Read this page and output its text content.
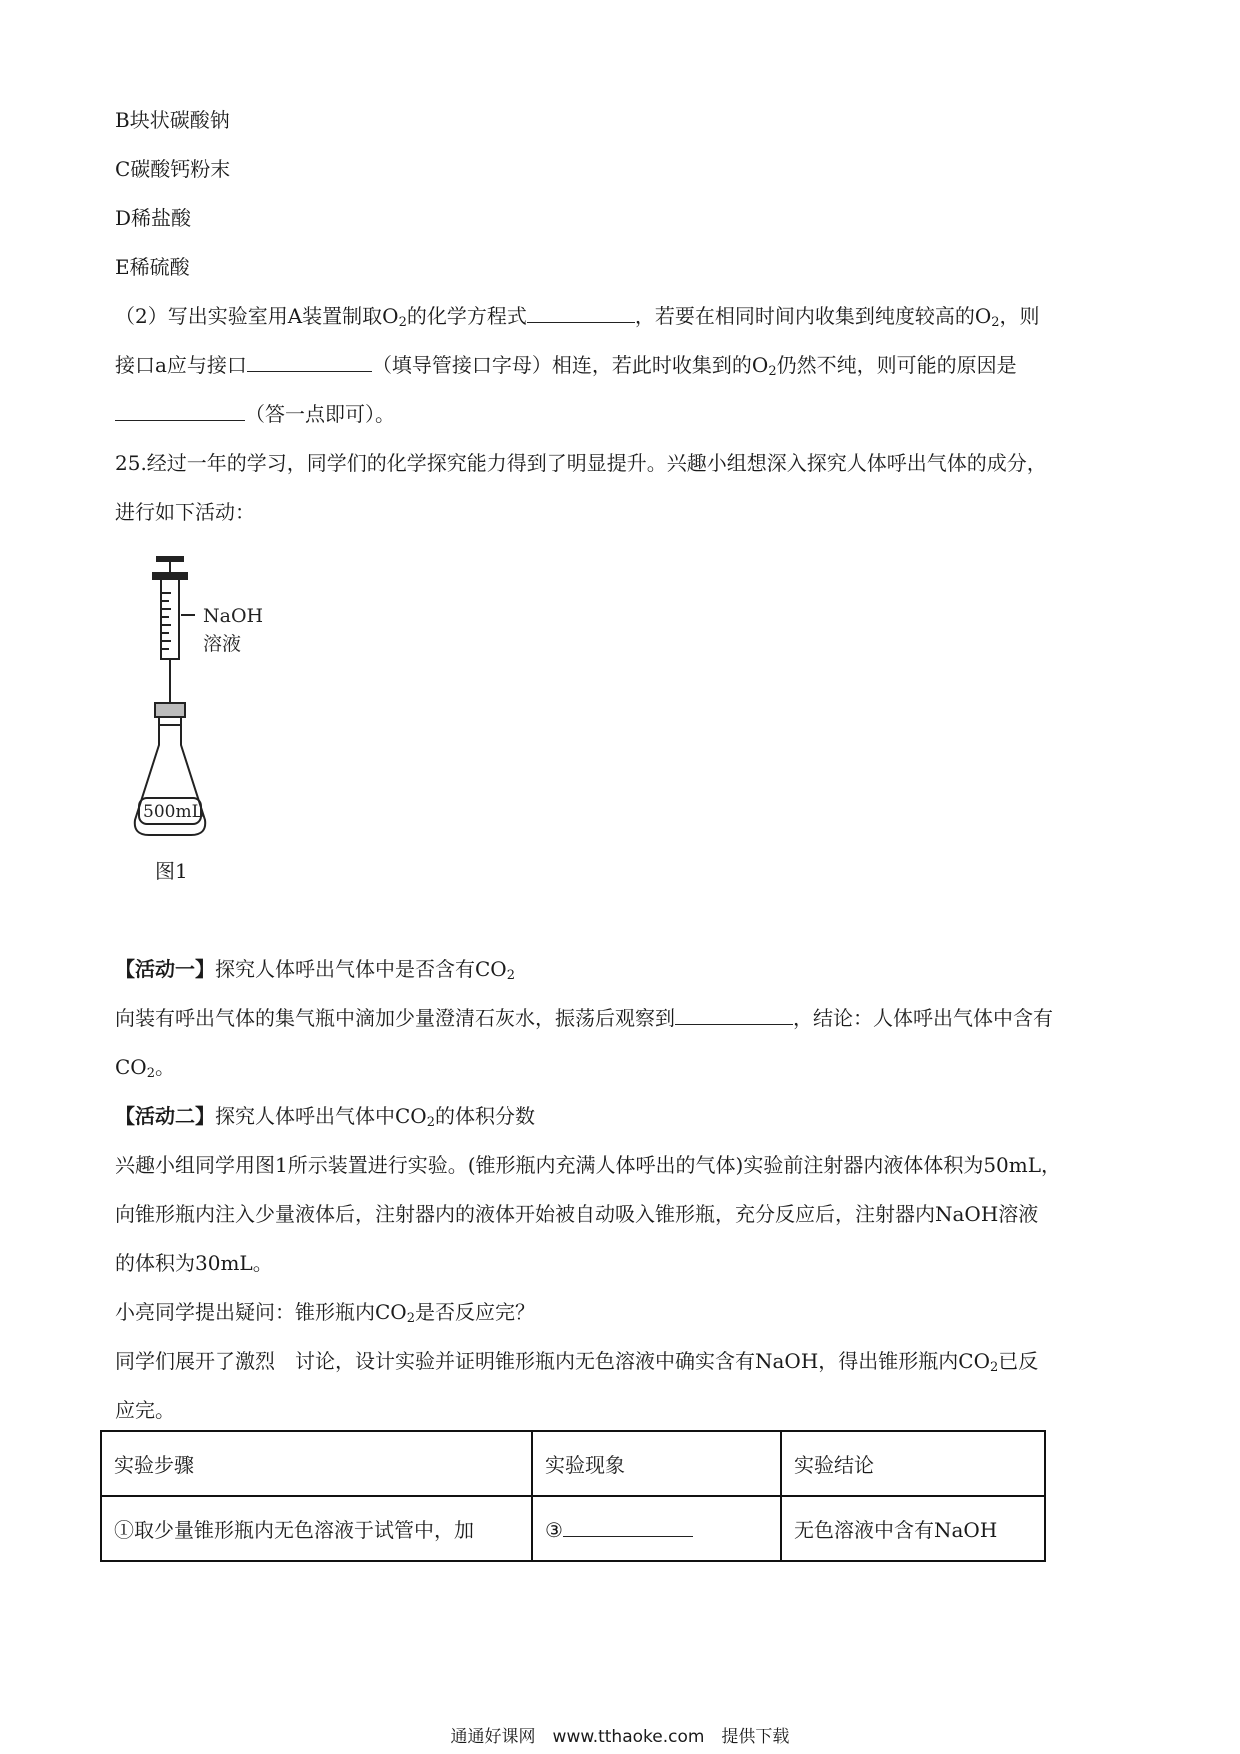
B块状碳酸钠
C碳酸钙粉末
D稀盐酸
E稀硫酸
（2）写出实验室用A装置制取$O_2$的化学方程式	，若要在相同时间内收集到纯度较高的$O_2$，则
接口a应与接口	（填导管接口字母）相连，若此时收集到的$O_2$仍然不纯，则可能的原因是
（答一点即可）。
25.经过一年的学习，同学们的化学探究能力得到了明显提升。兴趣小组想深入探究人体呼出气体的成分，
进行如下活动：
NaOH
溶液
500mL
图1
【活动一】探究人体呼出气体中是否含有$CO_2$
向装有呼出气体的集气瓶中滴加少量澄清石灰水，振荡后观察到	，结论：人体呼出气体中含有
$CO_2$。
【活动二】探究人体呼出气体中$CO_2$的体积分数
兴趣小组同学用图1所示装置进行实验。(锥形瓶内充满人体呼出的气体)实验前注射器内液体体积为50mL，
向锥形瓶内注入少量液体后，注射器内的液体开始被自动吸入锥形瓶，充分反应后，注射器内NaOH溶液
的体积为30mL。
小亮同学提出疑问：锥形瓶内$CO_2$是否反应完？
同学们展开了激烈　讨论，设计实验并证明锥形瓶内无色溶液中确实含有NaOH，得出锥形瓶内$CO_2$已反
应完。
实验步骤	实验现象	实验结论
①取少量锥形瓶内无色溶液于试管中，加	③	无色溶液中含有NaOH
通通好课网　www.tthaoke.com　提供下载
